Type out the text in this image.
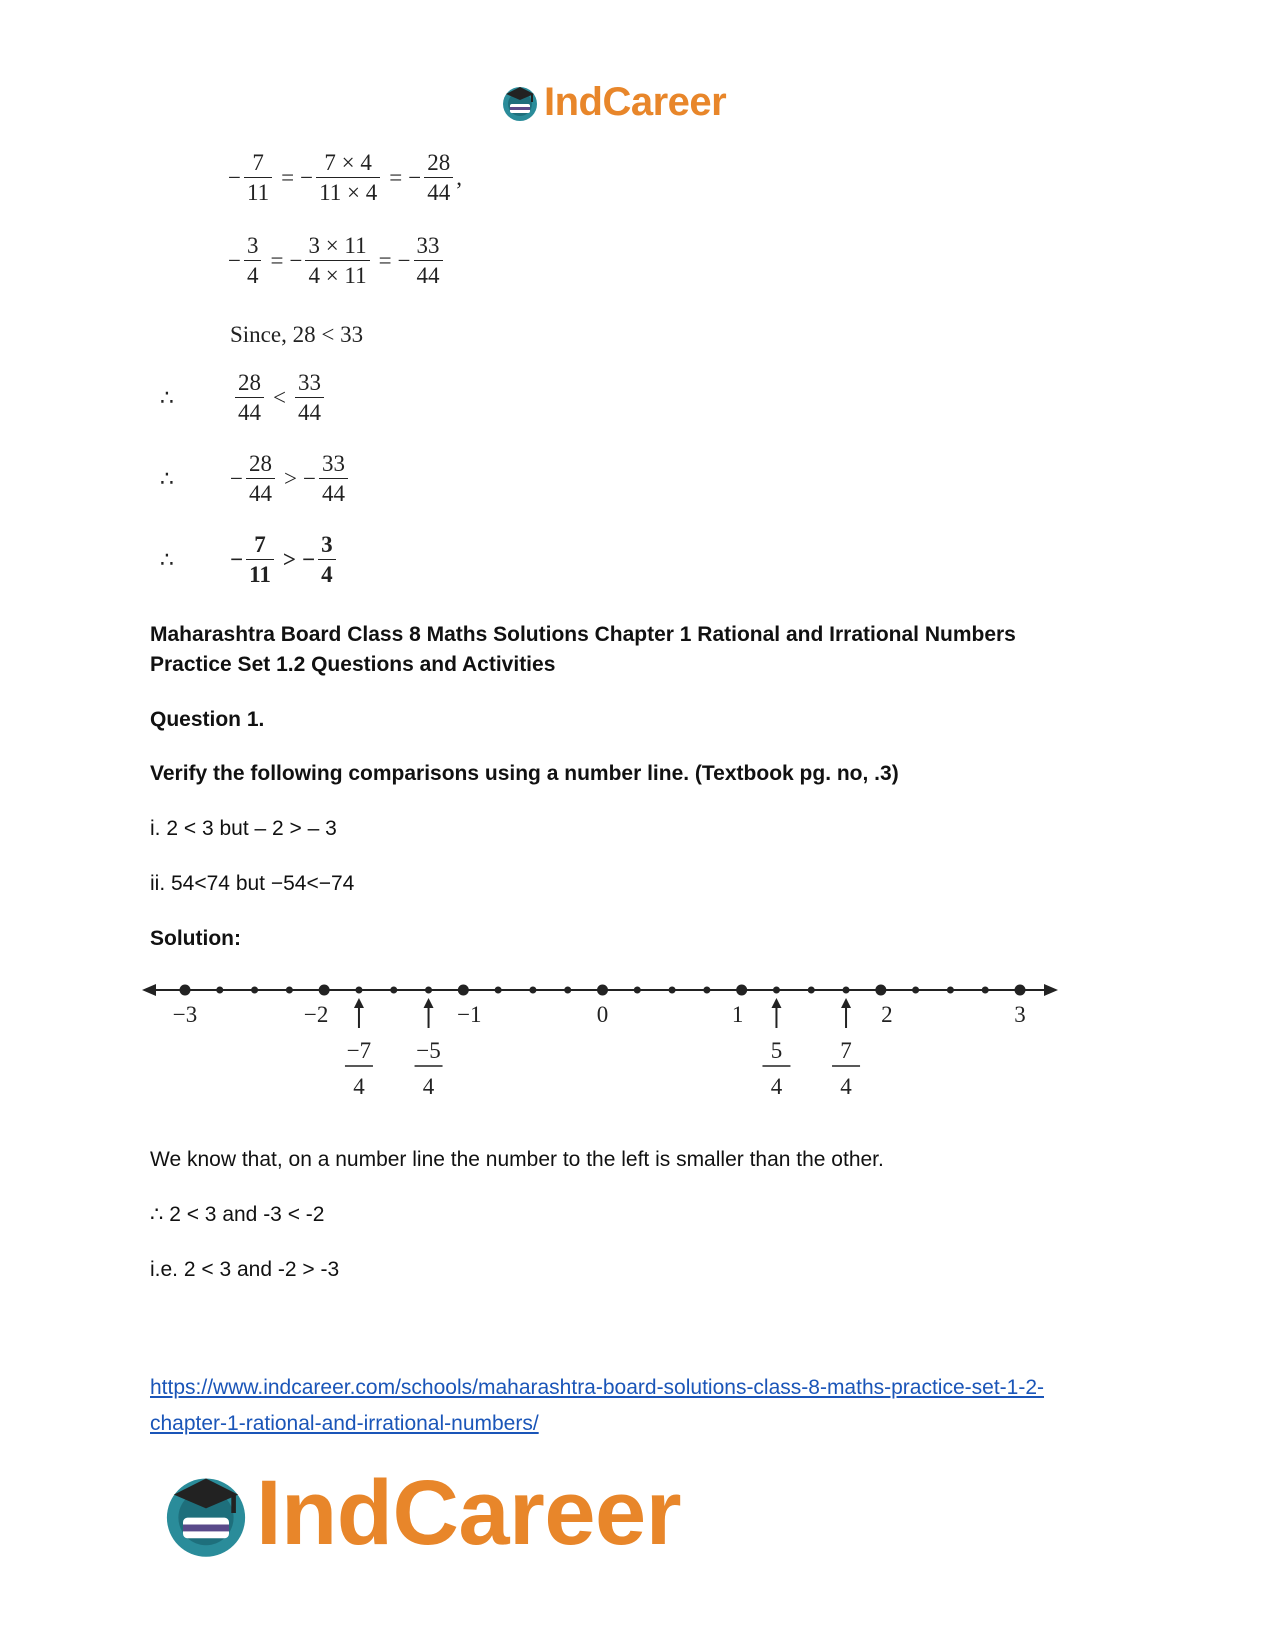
IndCareer
− $\frac{7}{11}$ = − $\frac{7 \times 4}{11 \times 4}$ = − $\frac{28}{44}$ ,
− $\frac{3}{4}$ = − $\frac{3 \times 11}{4 \times 11}$ = − $\frac{33}{44}$
Since, 28 < 33
∴	$\frac{28}{44} < \frac{33}{44}$
∴ − $\frac{28}{44}$ > − $\frac{33}{44}$
∴ − $\frac{7}{11}$ > − $\frac{3}{4}$
Maharashtra Board Class 8 Maths Solutions Chapter 1 Rational and Irrational Numbers
Practice Set 1.2 Questions and Activities
Question 1.
Verify the following comparisons using a number line. (Textbook pg. no, .3)
i. 2 < 3 but – 2 > – 3
ii. 54<74 but −54<−74
Solution:
−3	−2	−1	0	1	2	3
−7
4
−5
4
5
4
7
4
We know that, on a number line the number to the left is smaller than the other.
∴ 2 < 3 and -3 < -2
i.e. 2 < 3 and -2 > -3
https://www.indcareer.com/schools/maharashtra-board-solutions-class-8-maths-practice-set-1-2-
chapter-1-rational-and-irrational-numbers/
IndCareer
